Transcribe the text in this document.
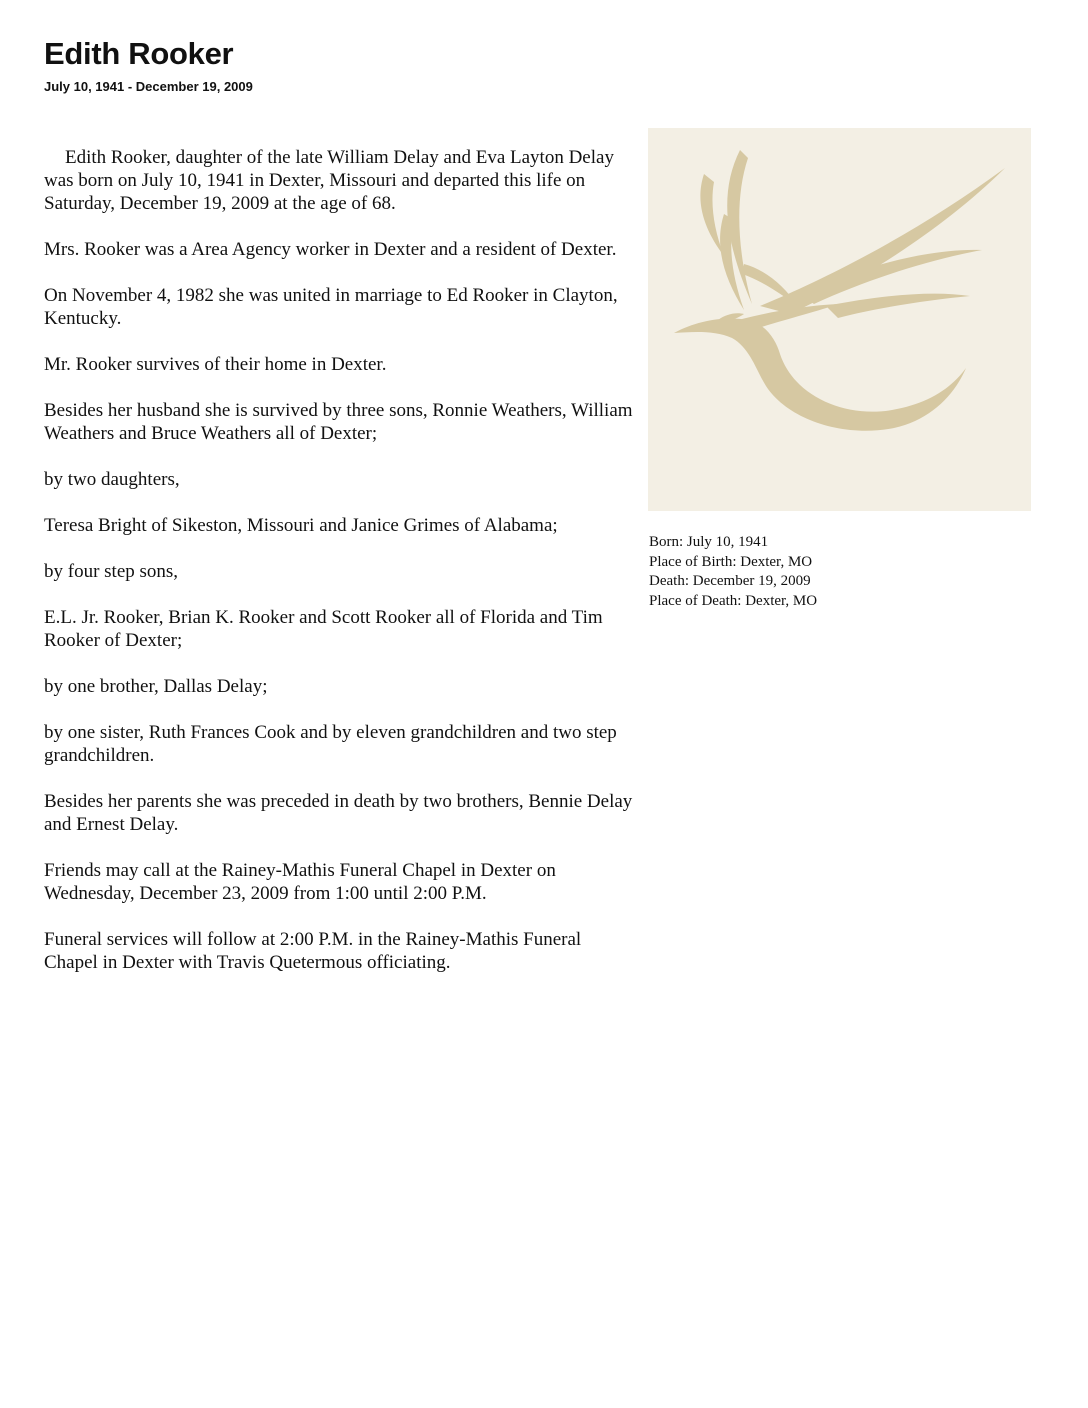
Edith Rooker
July 10, 1941 - December 19, 2009

Edith Rooker, daughter of the late William Delay and Eva Layton Delay was born on July 10, 1941 in Dexter, Missouri and departed this life on Saturday, December 19, 2009 at the age of 68.

Mrs. Rooker was a Area Agency worker in Dexter and a resident of Dexter.

On November 4, 1982 she was united in marriage to Ed Rooker in Clayton, Kentucky.

Mr. Rooker survives of their home in Dexter.

Besides her husband she is survived by three sons, Ronnie Weathers, William Weathers and Bruce Weathers all of Dexter;

by two daughters,

Teresa Bright of Sikeston, Missouri and Janice Grimes of Alabama;

by four step sons,

E.L. Jr. Rooker, Brian K. Rooker and Scott Rooker all of Florida and Tim Rooker of Dexter;

by one brother, Dallas Delay;

by one sister, Ruth Frances Cook and by eleven grandchildren and two step grandchildren.

Besides her parents she was preceded in death by two brothers, Bennie Delay and Ernest Delay.

Friends may call at the Rainey-Mathis Funeral Chapel in Dexter on Wednesday, December 23, 2009 from 1:00 until 2:00 P.M.

Funeral services will follow at 2:00 P.M. in the Rainey-Mathis Funeral Chapel in Dexter with Travis Quetermous officiating.

Born: July 10, 1941
Place of Birth: Dexter, MO
Death: December 19, 2009
Place of Death: Dexter, MO
